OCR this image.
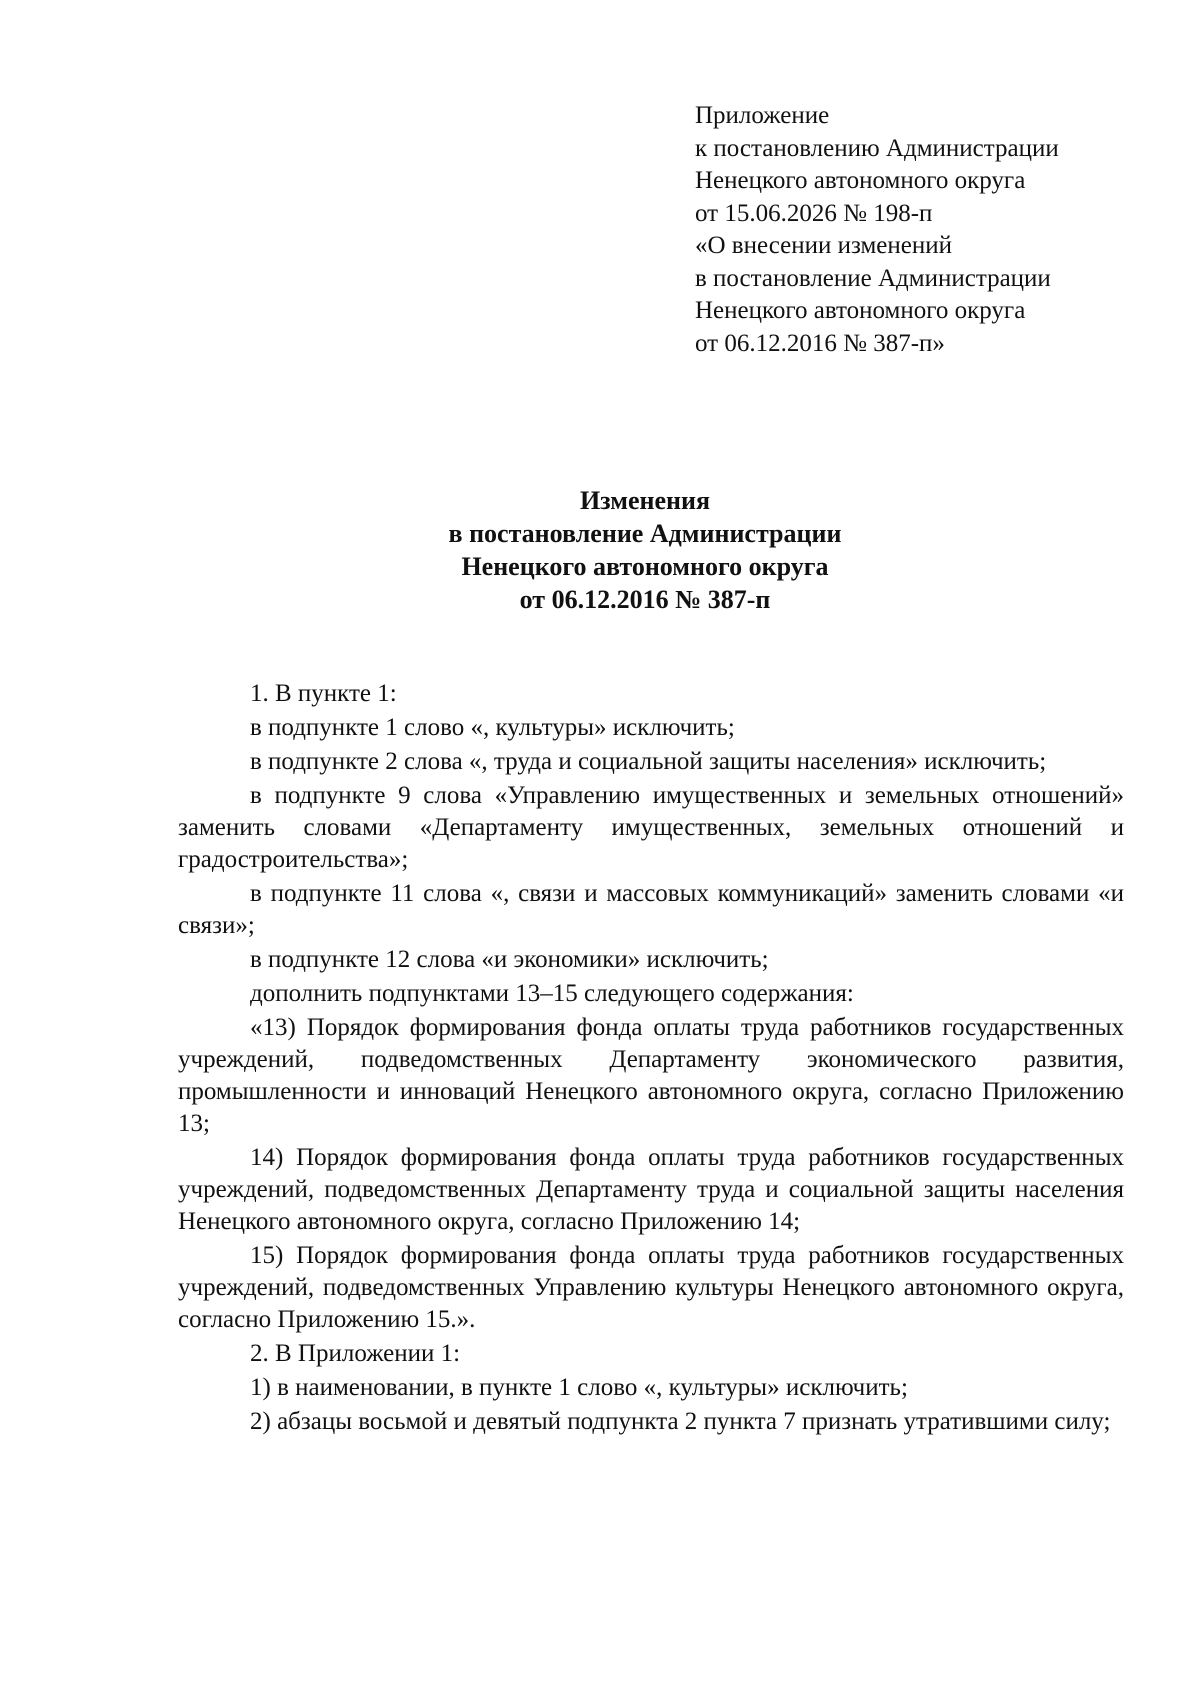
Приложение
к постановлению Администрации
Ненецкого автономного округа
от 15.06.2026 № 198-п
«О внесении изменений
в постановление Администрации
Ненецкого автономного округа
от 06.12.2016 № 387-п»
Изменения
в постановление Администрации
Ненецкого автономного округа
от 06.12.2016 № 387-п

1. В пункте 1:

в подпункте 1 слово «, культуры» исключить;

в подпункте 2 слова «, труда и социальной защиты населения» исключить;

в подпункте 9 слова «Управлению имущественных и земельных отношений» заменить словами «Департаменту имущественных, земельных отношений и градостроительства»;

в подпункте 11 слова «, связи и массовых коммуникаций» заменить словами «и связи»;

в подпункте 12 слова «и экономики» исключить;

дополнить подпунктами 13–15 следующего содержания:

«13) Порядок формирования фонда оплаты труда работников государственных учреждений, подведомственных Департаменту экономического развития, промышленности и инноваций Ненецкого автономного округа, согласно Приложению 13;

14) Порядок формирования фонда оплаты труда работников государственных учреждений, подведомственных Департаменту труда и социальной защиты населения Ненецкого автономного округа, согласно Приложению 14;

15) Порядок формирования фонда оплаты труда работников государственных учреждений, подведомственных Управлению культуры Ненецкого автономного округа, согласно Приложению 15.».

2. В Приложении 1:

1) в наименовании, в пункте 1 слово «, культуры» исключить;

2) абзацы восьмой и девятый подпункта 2 пункта 7 признать утратившими силу;
